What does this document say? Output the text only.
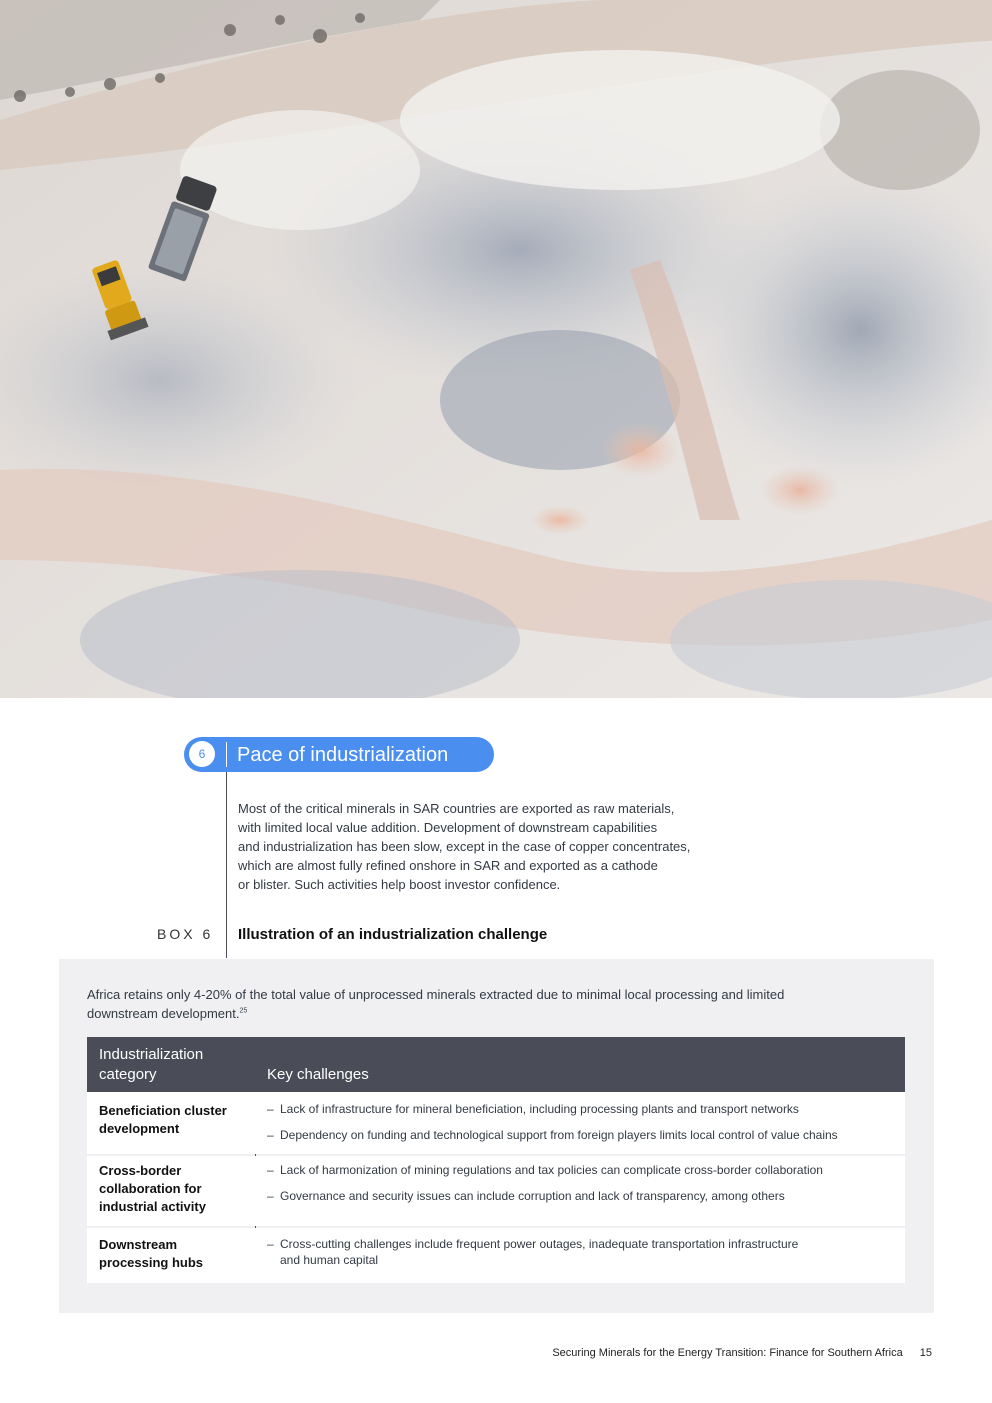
6	Pace of industrialization
Most of the critical minerals in SAR countries are exported as raw materials,
with limited local value addition. Development of downstream capabilities
and industrialization has been slow, except in the case of copper concentrates,
which are almost fully refined onshore in SAR and exported as a cathode
or blister. Such activities help boost investor confidence.
BOX 6 Illustration of an industrialization challenge
Africa retains only 4-20% of the total value of unprocessed minerals extracted due to minimal local processing and limited
downstream development.$^{25}$
Industrialization
category	Key challenges
Beneficiation cluster
development
– Lack of infrastructure for mineral beneficiation, including processing plants and transport networks
– Dependency on funding and technological support from foreign players limits local control of value chains
Cross-border
collaboration for
industrial activity
– Lack of harmonization of mining regulations and tax policies can complicate cross-border collaboration
– Governance and security issues can include corruption and lack of transparency, among others
Downstream
processing hubs
– Cross-cutting challenges include frequent power outages, inadequate transportation infrastructure
and human capital
Securing Minerals for the Energy Transition: Finance for Southern Africa 15
